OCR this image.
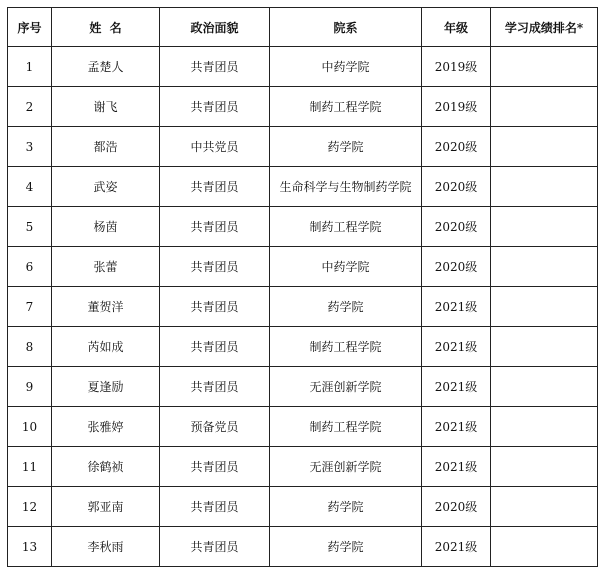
序号	姓  名	政治面貌	院系	年级	学习成绩排名*
1	孟楚人	共青团员	中药学院	2019级	
2	谢飞	共青团员	制药工程学院	2019级	
3	都浩	中共党员	药学院	2020级	
4	武姿	共青团员	生命科学与生物制药学院	2020级	
5	杨茵	共青团员	制药工程学院	2020级	
6	张蕾	共青团员	中药学院	2020级	
7	董贺洋	共青团员	药学院	2021级	
8	芮如成	共青团员	制药工程学院	2021级	
9	夏逢励	共青团员	无涯创新学院	2021级	
10	张雅婷	预备党员	制药工程学院	2021级	
11	徐鹤祯	共青团员	无涯创新学院	2021级	
12	郭亚南	共青团员	药学院	2020级	
13	李秋雨	共青团员	药学院	2021级	
